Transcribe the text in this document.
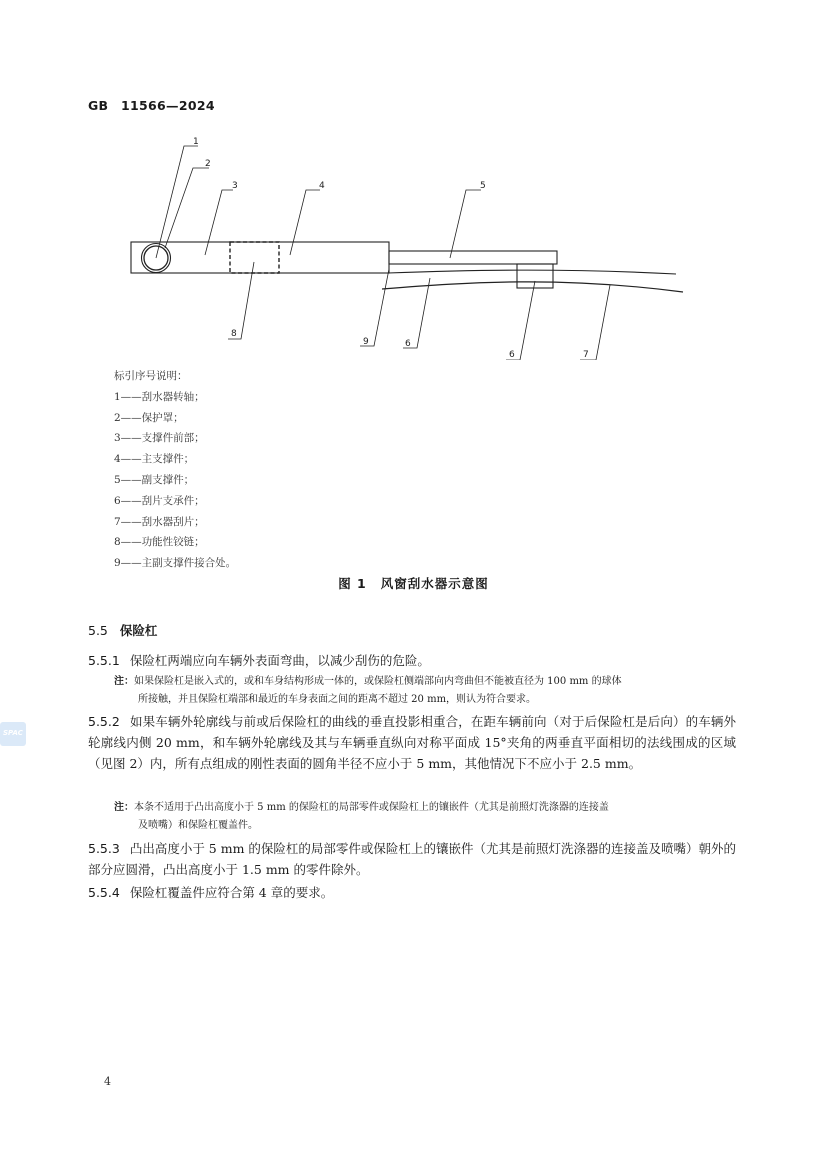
GB 11566—2024
1
2
3	4	5
8
9	6
6	7
标引序号说明：
1——刮水器转轴；
2——保护罩；
3——支撑件前部；
4——主支撑件；
5——副支撑件；
6——刮片支承件；
7——刮水器刮片；
8——功能性铰链；
9——主副支撑件接合处。
图 1 风窗刮水器示意图
5.5 保险杠
5.5.1 保险杠两端应向车辆外表面弯曲，以减少刮伤的危险。
注：如果保险杠是嵌入式的，或和车身结构形成一体的，或保险杠侧端部向内弯曲但不能被直径为 100 mm 的球体
所接触，并且保险杠端部和最近的车身表面之间的距离不超过 20 mm，则认为符合要求。
5.5.2 如果车辆外轮廓线与前或后保险杠的曲线的垂直投影相重合，在距车辆前向（对于后保险杠是后向）的车辆外轮廓线内侧 20 mm，和车辆外轮廓线及其与车辆垂直纵向对称平面成 15°夹角的两垂直平面相切的法线围成的区域（见图 2）内，所有点组成的刚性表面的圆角半径不应小于 5 mm，其他情况下不应小于 2.5 mm。
注：本条不适用于凸出高度小于 5 mm 的保险杠的局部零件或保险杠上的镶嵌件（尤其是前照灯洗涤器的连接盖
及喷嘴）和保险杠覆盖件。
5.5.3 凸出高度小于 5 mm 的保险杠的局部零件或保险杠上的镶嵌件（尤其是前照灯洗涤器的连接盖及喷嘴）朝外的部分应圆滑，凸出高度小于 1.5 mm 的零件除外。
5.5.4 保险杠覆盖件应符合第 4 章的要求。
SPAC
4
